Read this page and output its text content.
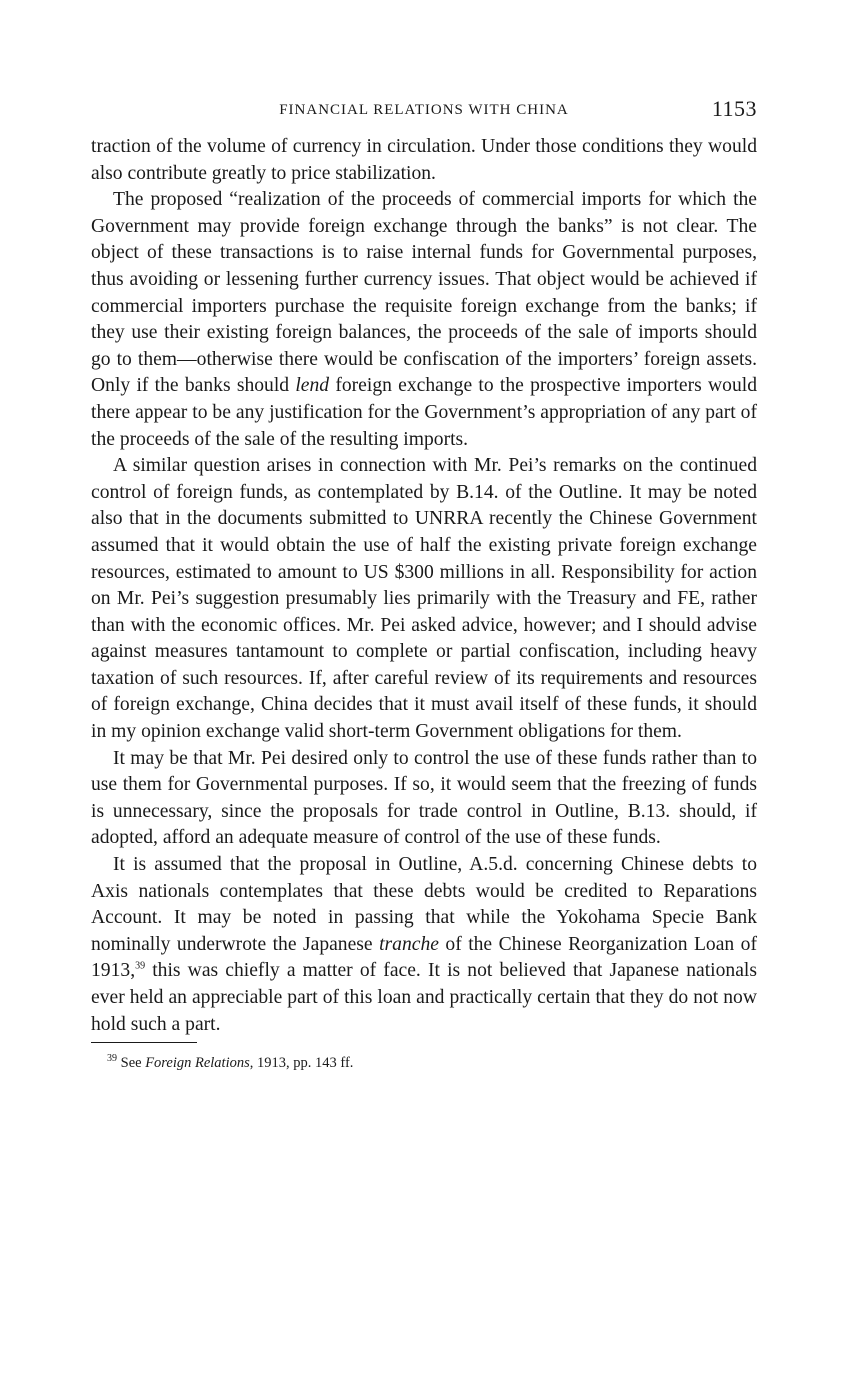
FINANCIAL RELATIONS WITH CHINA	1153

traction of the volume of currency in circulation. Under those conditions they would also contribute greatly to price stabilization.

The proposed “realization of the proceeds of commercial imports for which the Government may provide foreign exchange through the banks” is not clear. The object of these transactions is to raise internal funds for Governmental purposes, thus avoiding or lessening further currency issues. That object would be achieved if commercial importers purchase the requisite foreign exchange from the banks; if they use their existing foreign balances, the proceeds of the sale of imports should go to them—otherwise there would be confiscation of the importers’ foreign assets. Only if the banks should lend foreign exchange to the prospective importers would there appear to be any justification for the Government’s appropriation of any part of the proceeds of the sale of the resulting imports.

A similar question arises in connection with Mr. Pei’s remarks on the continued control of foreign funds, as contemplated by B.14. of the Outline. It may be noted also that in the documents submitted to UNRRA recently the Chinese Government assumed that it would obtain the use of half the existing private foreign exchange resources, estimated to amount to US $300 millions in all. Responsibility for action on Mr. Pei’s suggestion presumably lies primarily with the Treasury and FE, rather than with the economic offices. Mr. Pei asked advice, however; and I should advise against measures tantamount to complete or partial confiscation, including heavy taxation of such resources. If, after careful review of its requirements and resources of foreign exchange, China decides that it must avail itself of these funds, it should in my opinion exchange valid short-term Government obligations for them.

It may be that Mr. Pei desired only to control the use of these funds rather than to use them for Governmental purposes. If so, it would seem that the freezing of funds is unnecessary, since the proposals for trade control in Outline, B.13. should, if adopted, afford an adequate measure of control of the use of these funds.

It is assumed that the proposal in Outline, A.5.d. concerning Chinese debts to Axis nationals contemplates that these debts would be credited to Reparations Account. It may be noted in passing that while the Yokohama Specie Bank nominally underwrote the Japanese tranche of the Chinese Reorganization Loan of 1913,39 this was chiefly a matter of face. It is not believed that Japanese nationals ever held an appreciable part of this loan and practically certain that they do not now hold such a part.

$^{39}$ See Foreign Relations, 1913, pp. 143 ff.
